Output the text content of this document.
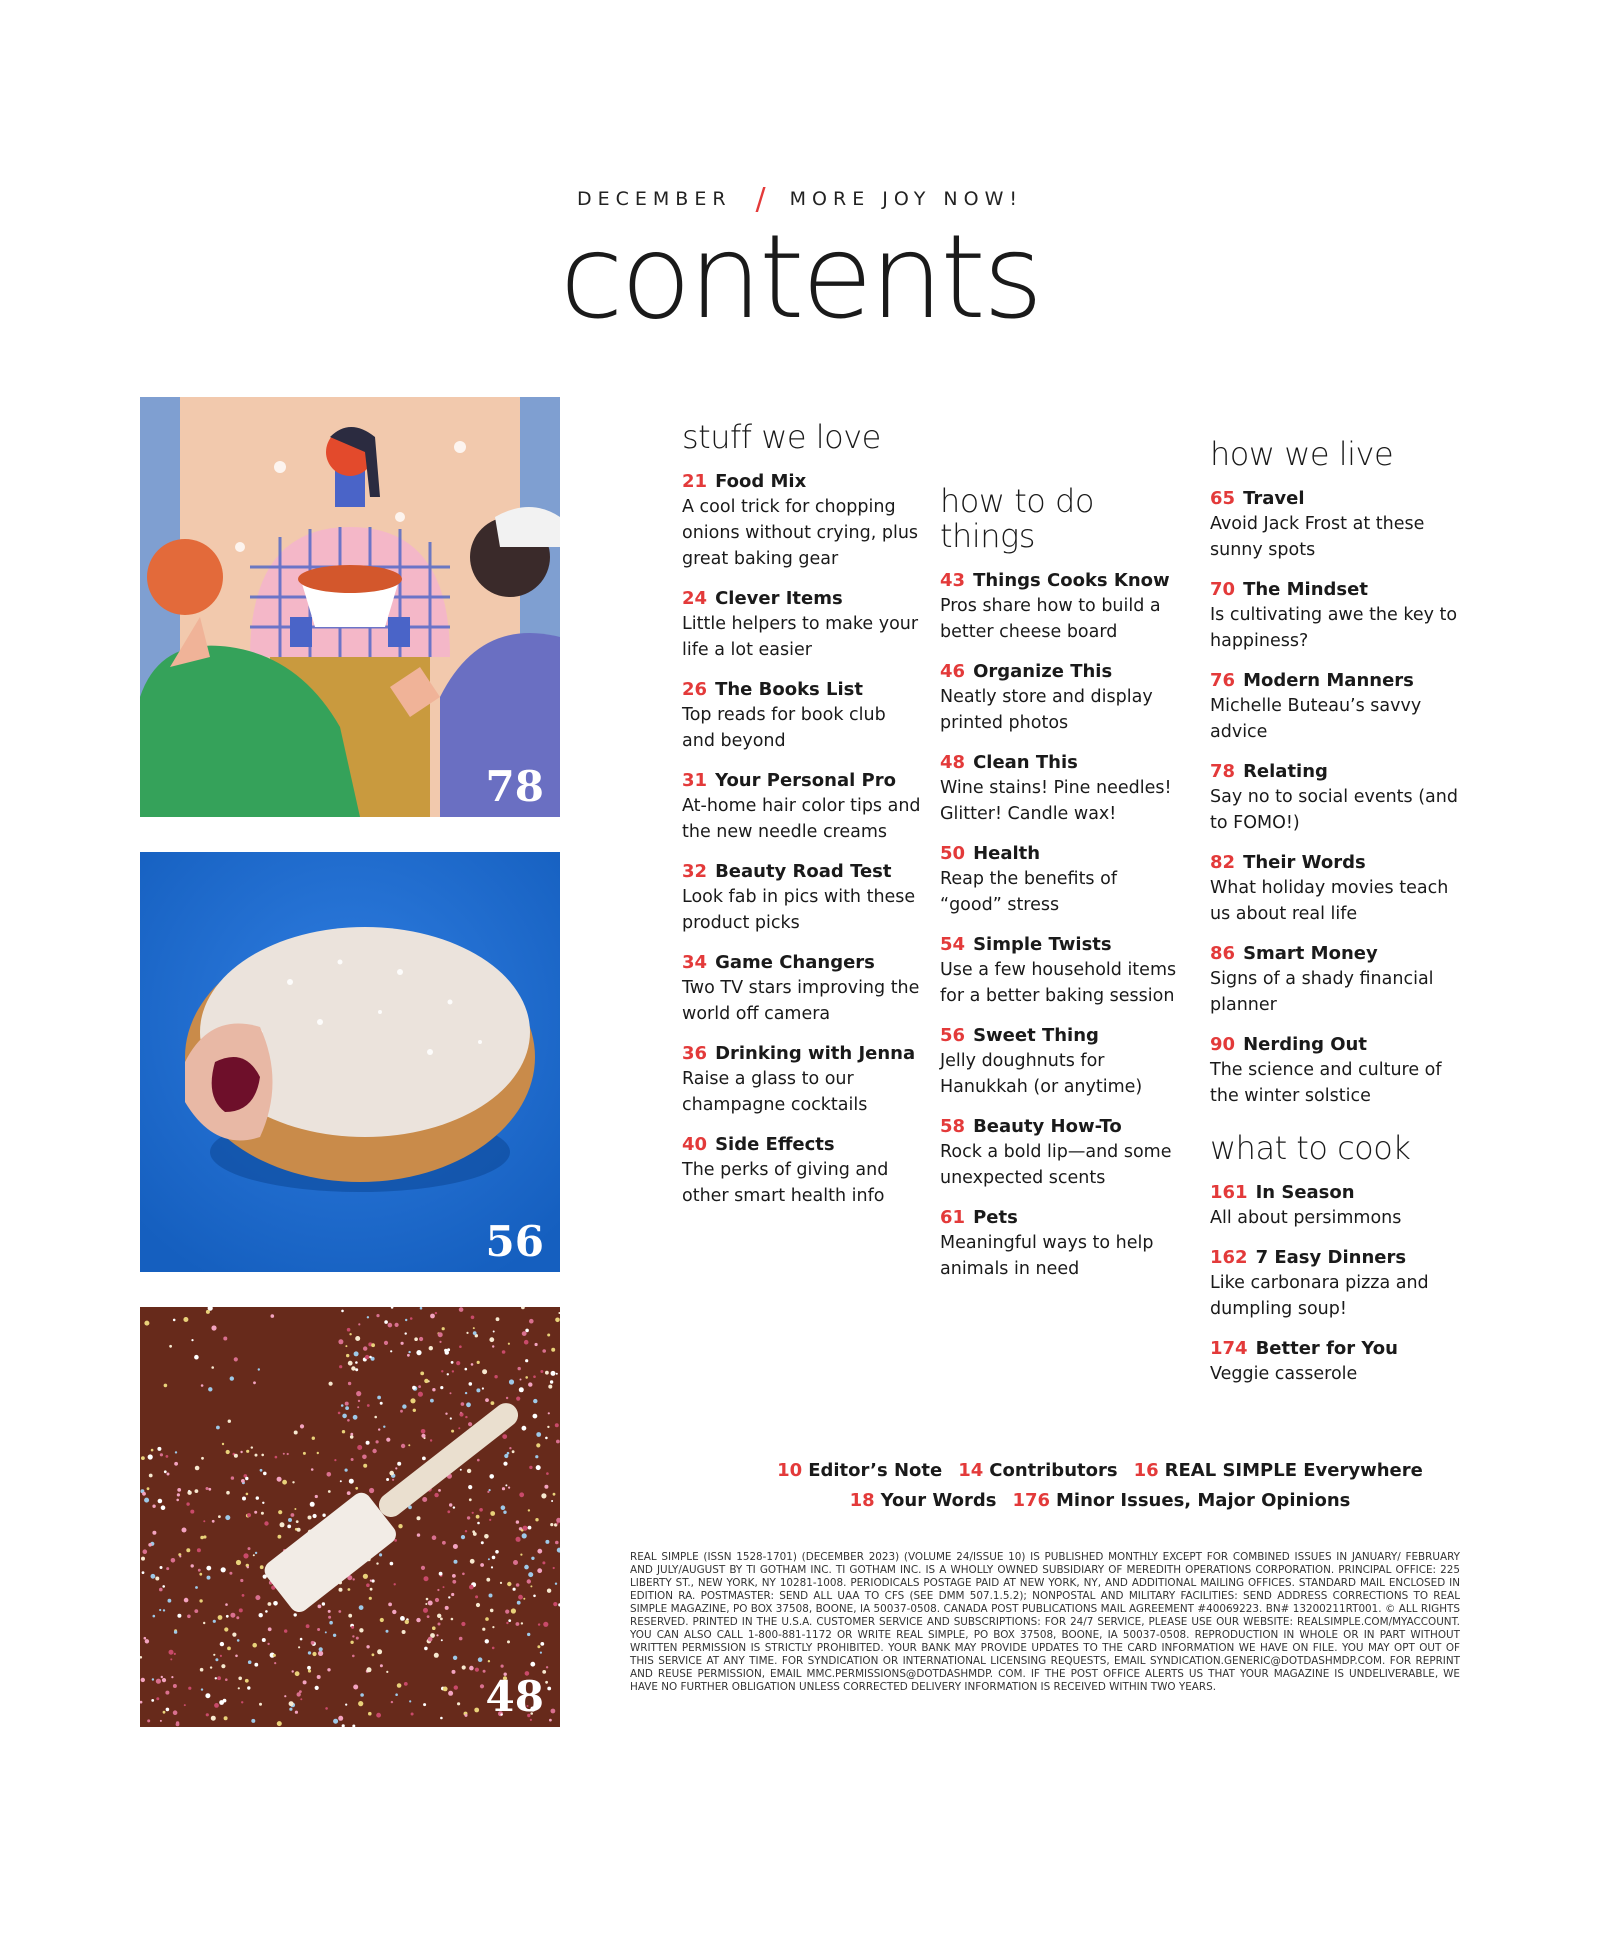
DECEMBER / MORE JOY NOW!
contents
78
56
48
stuff we love
21 Food Mix
A cool trick for chopping onions without crying, plus great baking gear
24 Clever Items
Little helpers to make your life a lot easier
26 The Books List
Top reads for book club and beyond
31 Your Personal Pro
At-home hair color tips and the new needle creams
32 Beauty Road Test
Look fab in pics with these product picks
34 Game Changers
Two TV stars improving the world off camera
36 Drinking with Jenna
Raise a glass to our champagne cocktails
40 Side Effects
The perks of giving and other smart health info
how to do things
43 Things Cooks Know
Pros share how to build a better cheese board
46 Organize This
Neatly store and display printed photos
48 Clean This
Wine stains! Pine needles! Glitter! Candle wax!
50 Health
Reap the benefits of “good” stress
54 Simple Twists
Use a few household items for a better baking session
56 Sweet Thing
Jelly doughnuts for Hanukkah (or anytime)
58 Beauty How-To
Rock a bold lip—and some unexpected scents
61 Pets
Meaningful ways to help animals in need
how we live
65 Travel
Avoid Jack Frost at these sunny spots
70 The Mindset
Is cultivating awe the key to happiness?
76 Modern Manners
Michelle Buteau’s savvy advice
78 Relating
Say no to social events (and to FOMO!)
82 Their Words
What holiday movies teach us about real life
86 Smart Money
Signs of a shady financial planner
90 Nerding Out
The science and culture of the winter solstice
what to cook
161 In Season
All about persimmons
162 7 Easy Dinners
Like carbonara pizza and dumpling soup!
174 Better for You
Veggie casserole
10 Editor’s Note 14 Contributors 16 REAL SIMPLE Everywhere
18 Your Words 176 Minor Issues, Major Opinions
REAL SIMPLE (ISSN 1528-1701) (DECEMBER 2023) (VOLUME 24/ISSUE 10) IS PUBLISHED MONTHLY EXCEPT FOR COMBINED ISSUES IN JANUARY/ FEBRUARY AND JULY/AUGUST BY TI GOTHAM INC. TI GOTHAM INC. IS A WHOLLY OWNED SUBSIDIARY OF MEREDITH OPERATIONS CORPORATION. PRINCIPAL OFFICE: 225 LIBERTY ST., NEW YORK, NY 10281-1008. PERIODICALS POSTAGE PAID AT NEW YORK, NY, AND ADDITIONAL MAILING OFFICES. STANDARD MAIL ENCLOSED IN EDITION RA. POSTMASTER: SEND ALL UAA TO CFS (SEE DMM 507.1.5.2); NONPOSTAL AND MILITARY FACILITIES: SEND ADDRESS CORRECTIONS TO REAL SIMPLE MAGAZINE, PO BOX 37508, BOONE, IA 50037-0508. CANADA POST PUBLICATIONS MAIL AGREEMENT #40069223. BN# 13200211RT001. © ALL RIGHTS RESERVED. PRINTED IN THE U.S.A. CUSTOMER SERVICE AND SUBSCRIPTIONS: FOR 24/7 SERVICE, PLEASE USE OUR WEBSITE: REALSIMPLE.COM/MYACCOUNT. YOU CAN ALSO CALL 1-800-881-1172 OR WRITE REAL SIMPLE, PO BOX 37508, BOONE, IA 50037-0508. REPRODUCTION IN WHOLE OR IN PART WITHOUT WRITTEN PERMISSION IS STRICTLY PROHIBITED. YOUR BANK MAY PROVIDE UPDATES TO THE CARD INFORMATION WE HAVE ON FILE. YOU MAY OPT OUT OF THIS SERVICE AT ANY TIME. FOR SYNDICATION OR INTERNATIONAL LICENSING REQUESTS, EMAIL SYNDICATION.GENERIC@DOTDASHMDP.COM. FOR REPRINT AND REUSE PERMISSION, EMAIL MMC.PERMISSIONS@DOTDASHMDP. COM. IF THE POST OFFICE ALERTS US THAT YOUR MAGAZINE IS UNDELIVERABLE, WE HAVE NO FURTHER OBLIGATION UNLESS CORRECTED DELIVERY INFORMATION IS RECEIVED WITHIN TWO YEARS.
